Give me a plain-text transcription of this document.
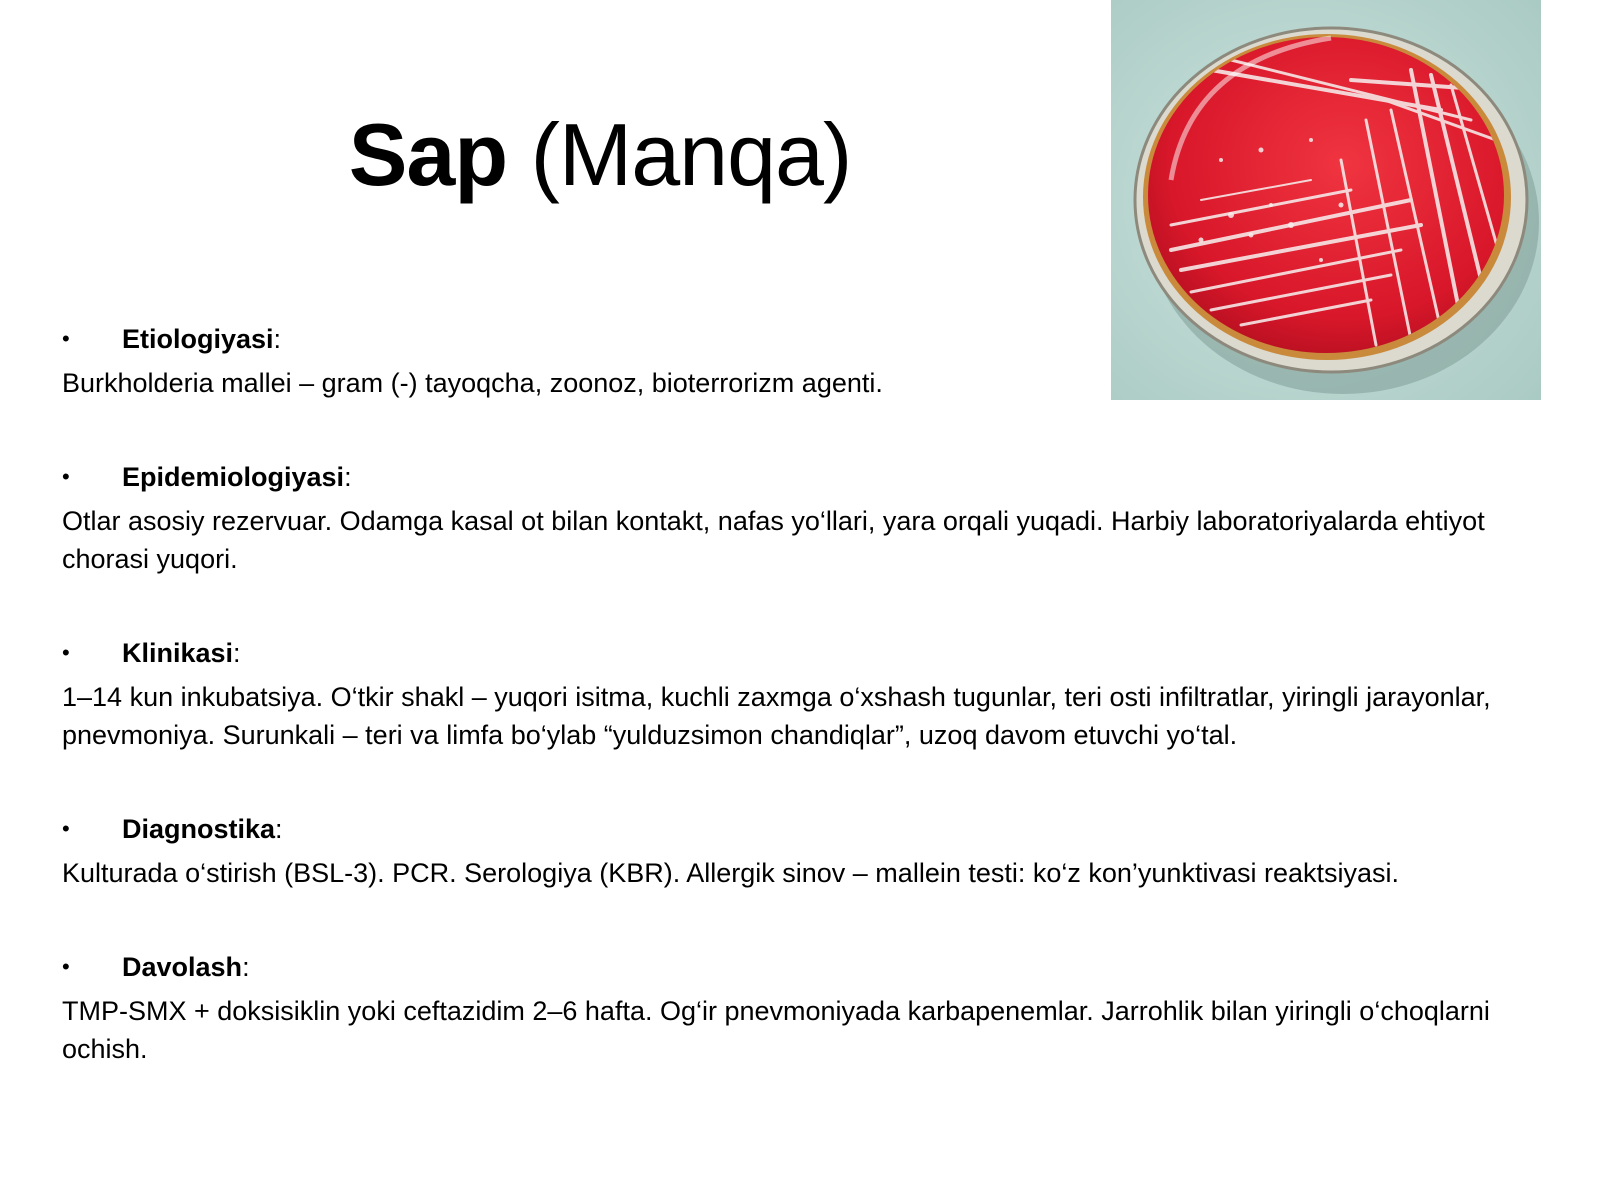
Sap (Manqa)
•	Etiologiyasi:

Burkholderia mallei – gram (-) tayoqcha, zoonoz, bioterrorizm agenti.

•	Epidemiologiyasi:

Otlar asosiy rezervuar. Odamga kasal ot bilan kontakt, nafas yo‘llari, yara orqali yuqadi. Harbiy laboratoriyalarda ehtiyot chorasi yuqori.

•	Klinikasi:

1–14 kun inkubatsiya. O‘tkir shakl – yuqori isitma, kuchli zaxmga o‘xshash tugunlar, teri osti infiltratlar, yiringli jarayonlar, pnevmoniya. Surunkali – teri va limfa bo‘ylab “yulduzsimon chandiqlar”, uzoq davom etuvchi yo‘tal.

•	Diagnostika:

Kulturada o‘stirish (BSL-3). PCR. Serologiya (KBR). Allergik sinov – mallein testi: ko‘z kon’yunktivasi reaktsiyasi.

•	Davolash:

TMP-SMX + doksisiklin yoki ceftazidim 2–6 hafta. Og‘ir pnevmoniyada karbapenemlar. Jarrohlik bilan yiringli o‘choqlarni ochish.
